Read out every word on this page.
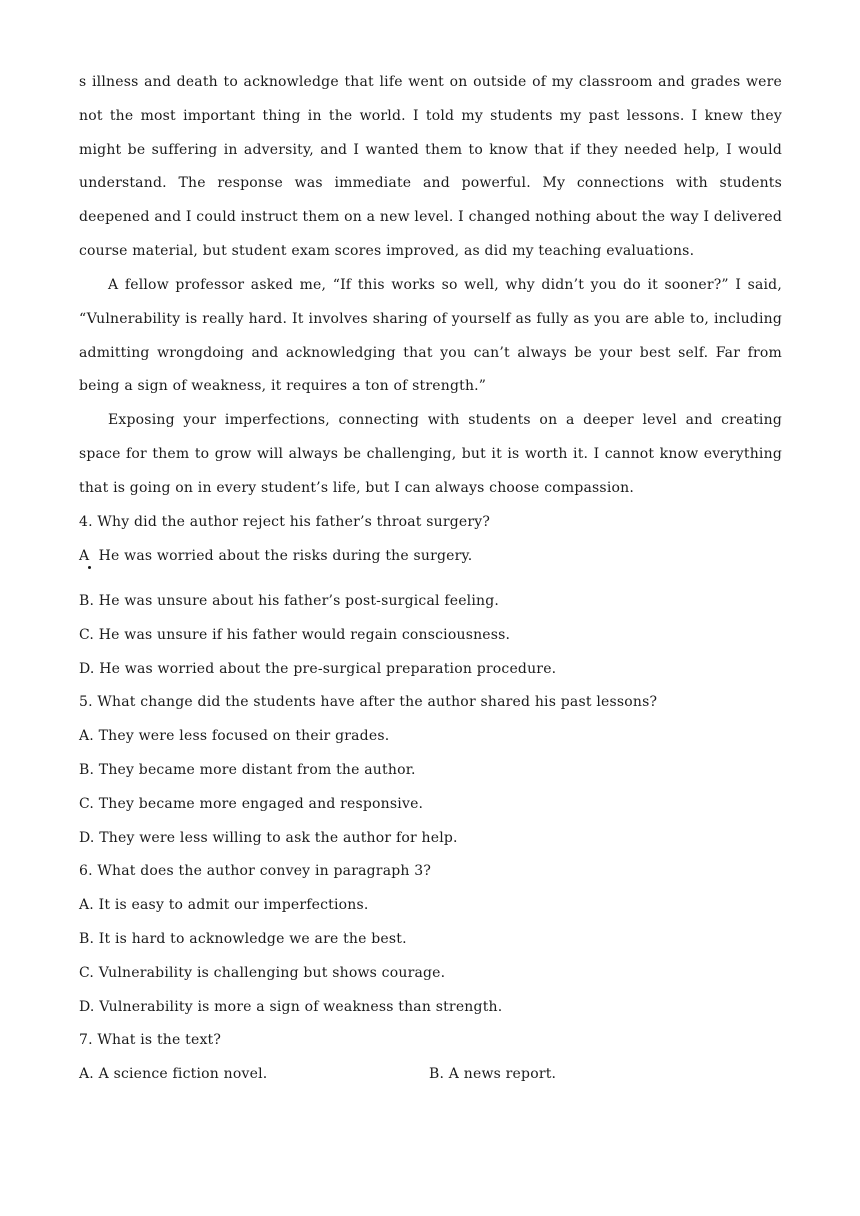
s illness and death to acknowledge that life went on outside of my classroom and grades were not the most important thing in the world. I told my students my past lessons. I knew they might be suffering in adversity, and I wanted them to know that if they needed help, I would understand. The response was immediate and powerful. My connections with students deepened and I could instruct them on a new level. I changed nothing about the way I delivered course material, but student exam scores improved, as did my teaching evaluations.

A fellow professor asked me, “If this works so well, why didn’t you do it sooner?” I said, “Vulnerability is really hard. It involves sharing of yourself as fully as you are able to, including admitting wrongdoing and acknowledging that you can’t always be your best self. Far from being a sign of weakness, it requires a ton of strength.”

Exposing your imperfections, connecting with students on a deeper level and creating space for them to grow will always be challenging, but it is worth it. I cannot know everything that is going on in every student’s life, but I can always choose compassion.

4. Why did the author reject his father’s throat surgery?

A  He was worried about the risks during the surgery.

B. He was unsure about his father’s post-surgical feeling.

C. He was unsure if his father would regain consciousness.

D. He was worried about the pre-surgical preparation procedure.

5. What change did the students have after the author shared his past lessons?

A. They were less focused on their grades.

B. They became more distant from the author.

C. They became more engaged and responsive.

D. They were less willing to ask the author for help.

6. What does the author convey in paragraph 3?

A. It is easy to admit our imperfections.

B. It is hard to acknowledge we are the best.

C. Vulnerability is challenging but shows courage.

D. Vulnerability is more a sign of weakness than strength.

7. What is the text?

A. A science fiction novel.	B. A news report.
